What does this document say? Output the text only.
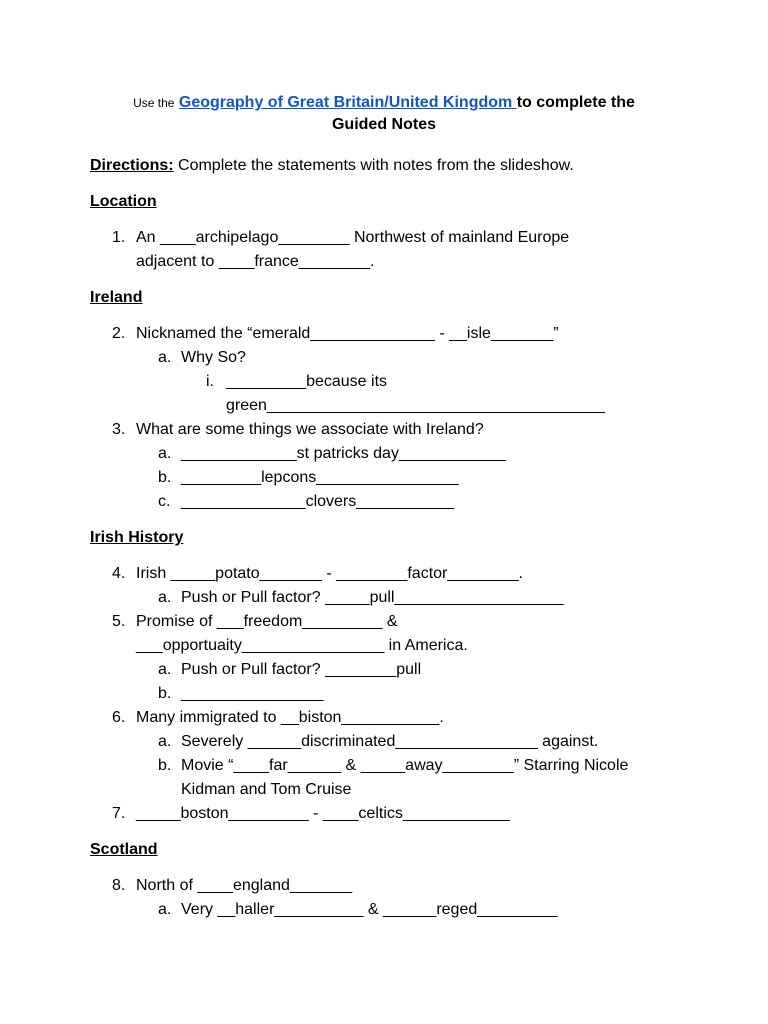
Use the Geography of Great Britain/United Kingdom to complete the
Guided Notes
Directions: Complete the statements with notes from the slideshow.
Location
1. An ____archipelago________ Northwest of mainland Europe
adjacent to ____france________.
Ireland
2. Nicknamed the “emerald______________ - __isle_______”
a. Why So?
i. _________because its
green______________________________________
3. What are some things we associate with Ireland?
a. _____________st patricks day____________
b. _________lepcons________________
c. ______________clovers___________
Irish History
4. Irish _____potato_______ - ________factor________.
a. Push or Pull factor? _____pull___________________
5. Promise of ___freedom_________ &
___opportuaity________________ in America.
a. Push or Pull factor? ________pull
b. ________________
6. Many immigrated to __biston___________.
a. Severely ______discriminated________________ against.
b. Movie “____far______ & _____away________” Starring Nicole
Kidman and Tom Cruise
7. _____boston_________ - ____celtics____________
Scotland
8. North of ____england_______
a. Very __haller__________ & ______reged_________
